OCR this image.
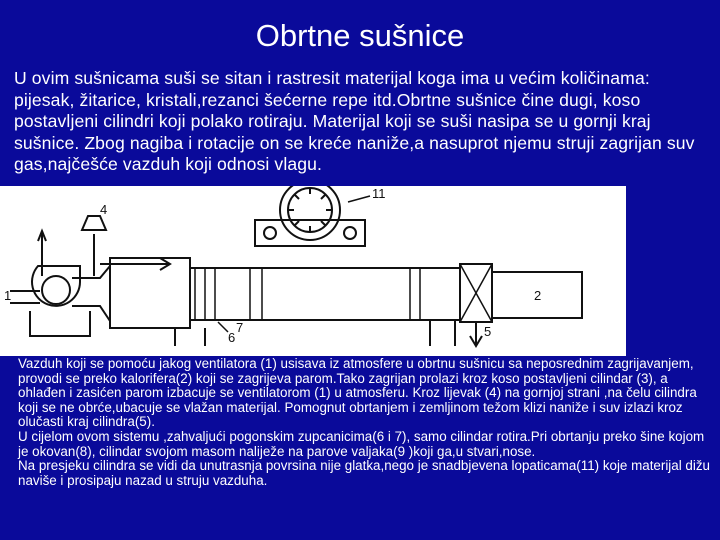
Obrtne sušnice
U ovim sušnicama suši se sitan i rastresit materijal koga ima u većim količinama: pijesak, žitarice, kristali,rezanci šećerne repe itd.Obrtne sušnice čine dugi, koso postavljeni cilindri koji polako rotiraju. Materijal koji se suši nasipa se u gornji kraj sušnice. Zbog nagiba i rotacije on se kreće naniže,a nasuprot njemu struji zagrijan suv gas,najčešće vazduh koji odnosi vlagu.
1	2
4
5
6
7
11

Vazduh koji se pomoću jakog ventilatora (1) usisava iz atmosfere u obrtnu sušnicu sa neposrednim zagrijavanjem, provodi se preko kalorifera(2) koji se zagrijeva parom.Tako zagrijan prolazi kroz koso postavljeni cilindar (3), a ohlađen i zasićen parom izbacuje se ventilatorom (1) u atmosferu. Kroz lijevak (4) na gornjoj strani ,na čelu cilindra koji se ne obrće,ubacuje se vlažan materijal. Pomognut obrtanjem i zemljinom težom klizi naniže i suv izlazi kroz olučasti kraj cilindra(5).

U cijelom ovom sistemu ,zahvaljući pogonskim zupcanicima(6 i 7), samo cilindar rotira.Pri obrtanju preko šine kojom je okovan(8), cilindar svojom masom naliježe na parove valjaka(9 )koji ga,u stvari,nose.

Na presjeku cilindra se vidi da unutrasnja povrsina nije glatka,nego je snadbjevena lopaticama(11) koje materijal dižu naviše i prosipaju nazad u struju vazduha.
